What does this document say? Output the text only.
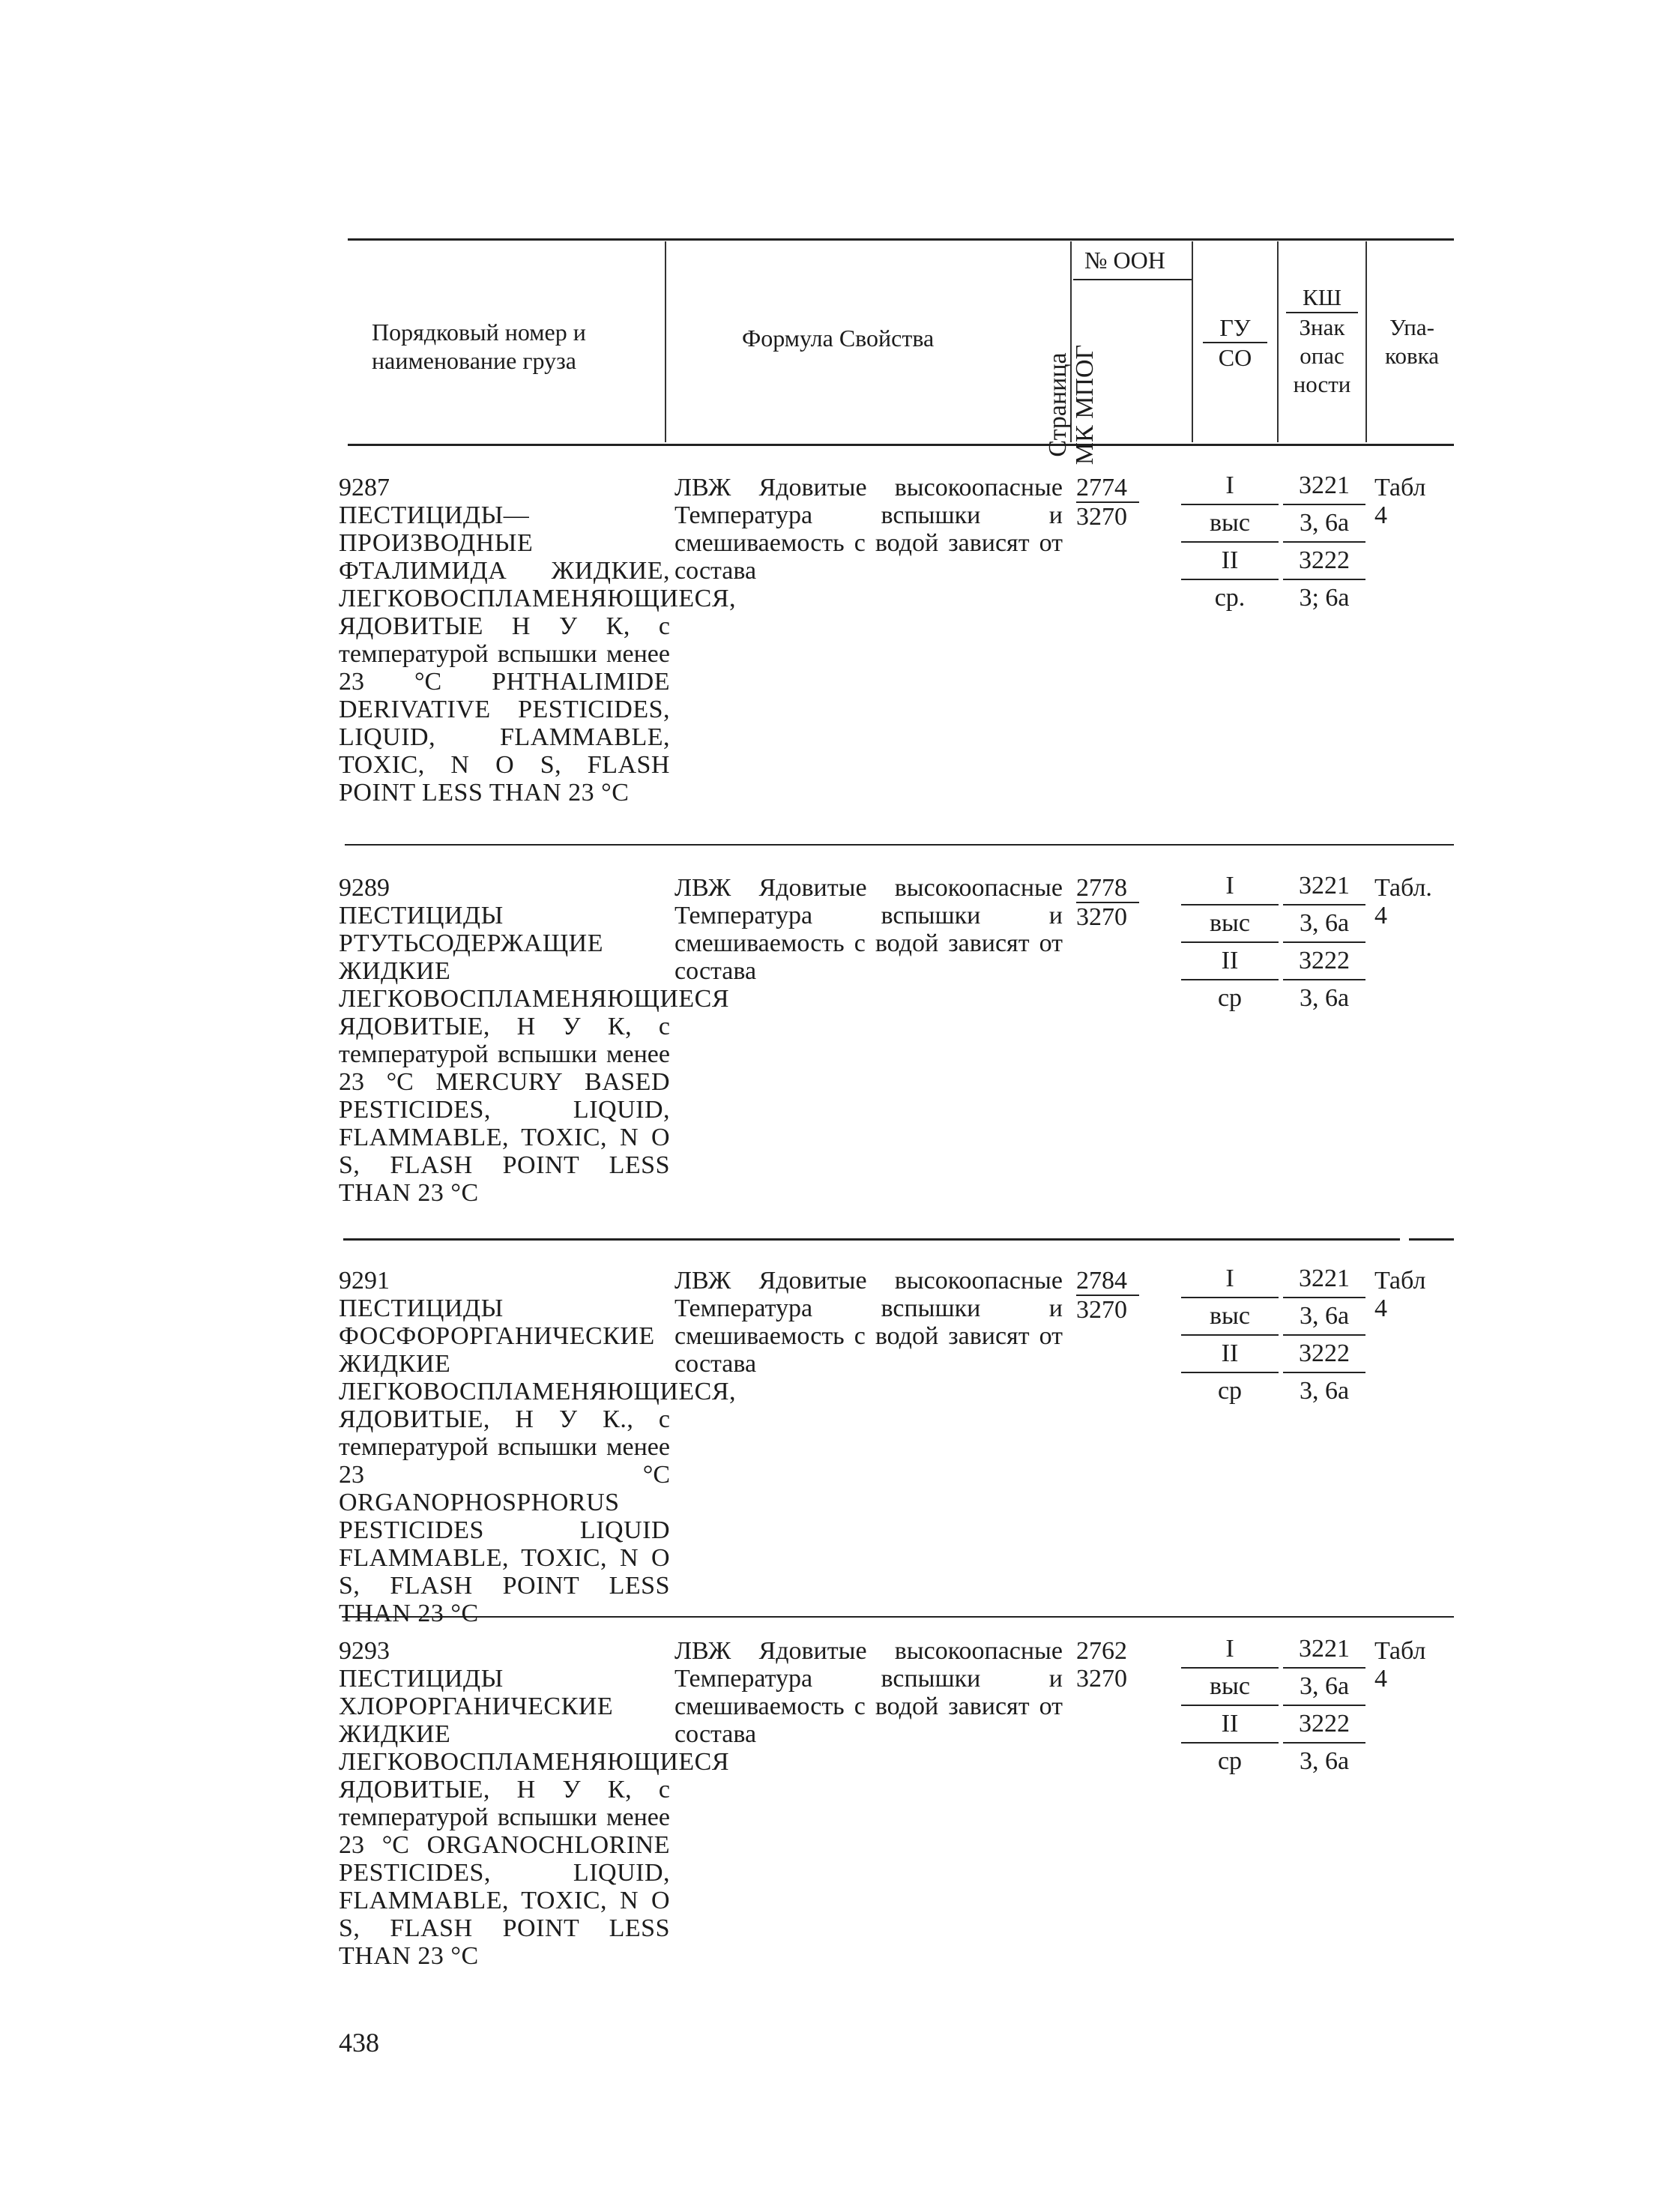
Порядковый номер и
наименование груза
Формула Свойства
№ ООН
Страница МК МПОГ
ГУ
СО
КШ
Знак
опас
ности
Упа-
ковка
9287
ПЕСТИЦИДЫ—ПРОИЗВОДНЫЕ ФТАЛИМИДА ЖИДКИЕ, ЛЕГКОВОСПЛАМЕНЯЮЩИЕСЯ, ЯДОВИТЫЕ Н У К, с температурой вспышки менее 23 °С PHTHALIMIDE DERIVATIVE PESTICIDES, LIQUID, FLAMMABLE, TOXIC, N O S, FLASH POINT LESS THAN 23 °C
ЛВЖ Ядовитые высокоопасные Температура вспышки и смешиваемость с водой зависят от состава
2774
3270
I
выс
II
ср.
3221
3, 6а
3222
3; 6а
Табл
4
9289
ПЕСТИЦИДЫ РТУТЬСОДЕРЖАЩИЕ ЖИДКИЕ ЛЕГКОВОСПЛАМЕНЯЮЩИЕСЯ ЯДОВИТЫЕ, Н У К, с температурой вспышки менее 23 °С MERCURY BASED PESTICIDES, LIQUID, FLAMMABLE, TOXIC, N O S, FLASH POINT LESS THAN 23 °C
ЛВЖ Ядовитые высокоопасные Температура вспышки и смешиваемость с водой зависят от состава
2778
3270
I
выс
II
ср
3221
3, 6а
3222
3, 6а
Табл.
4
9291
ПЕСТИЦИДЫ ФОСФОРОРГАНИЧЕСКИЕ ЖИДКИЕ ЛЕГКОВОСПЛАМЕНЯЮЩИЕСЯ, ЯДОВИТЫЕ, Н У К., с температурой вспышки менее 23 °С ORGANOPHOSPHORUS PESTICIDES LIQUID FLAMMABLE, TOXIC, N O S, FLASH POINT LESS THAN 23 °C
ЛВЖ Ядовитые высокоопасные Температура вспышки и смешиваемость с водой зависят от состава
2784
3270
I
выс
II
ср
3221
3, 6а
3222
3, 6а
Табл
4
9293
ПЕСТИЦИДЫ ХЛОРОРГАНИЧЕСКИЕ ЖИДКИЕ ЛЕГКОВОСПЛАМЕНЯЮЩИЕСЯ ЯДОВИТЫЕ, Н У К, с температурой вспышки менее 23 °С ORGANOCHLORINE PESTICIDES, LIQUID, FLAMMABLE, TOXIC, N O S, FLASH POINT LESS THAN 23 °C
ЛВЖ Ядовитые высокоопасные Температура вспышки и смешиваемость с водой зависят от состава
2762
3270
I
выс
II
ср
3221
3, 6а
3222
3, 6а
Табл
4
438
